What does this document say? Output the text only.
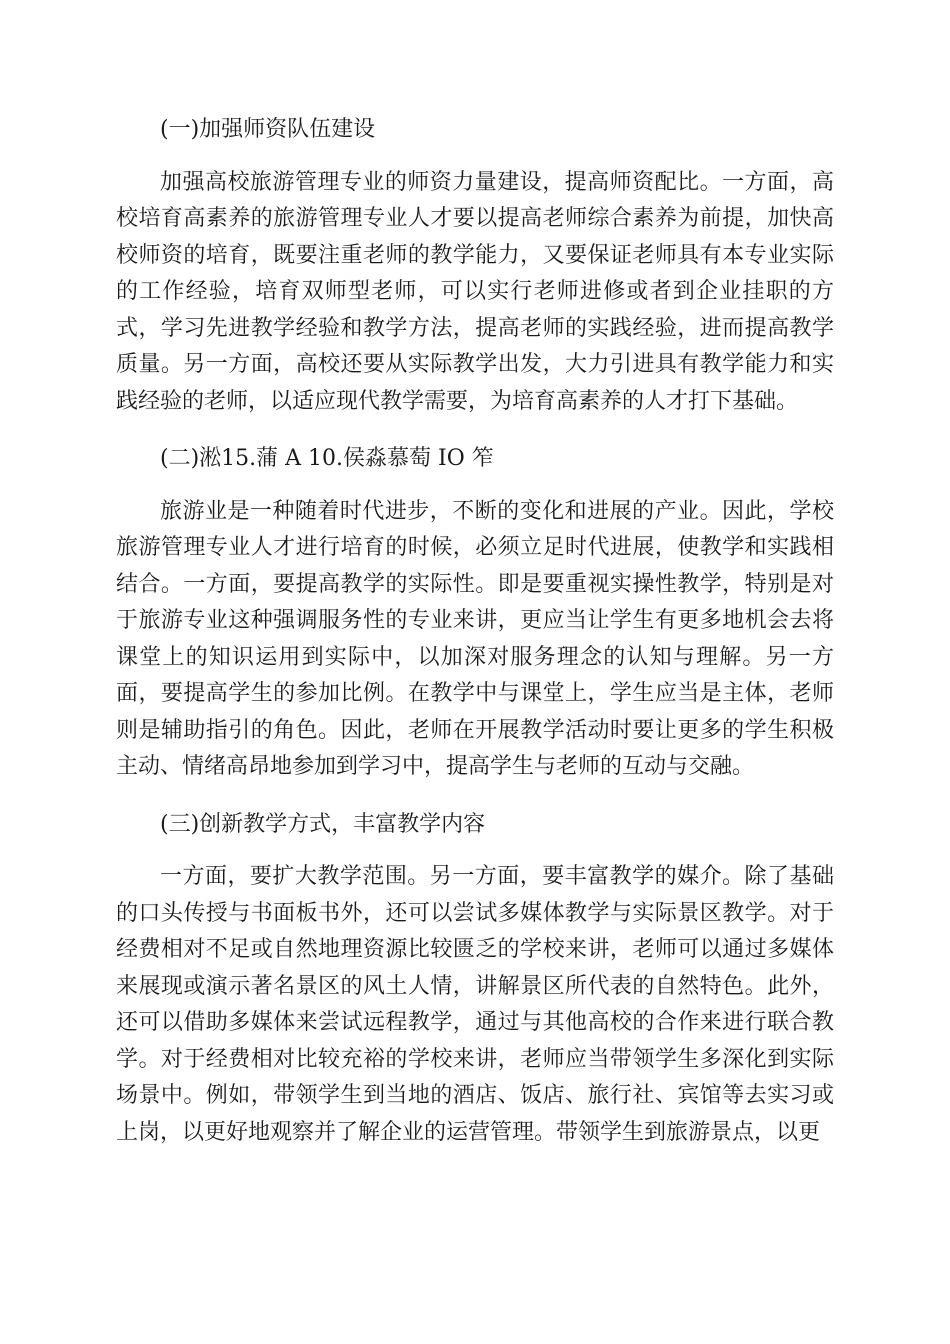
(一)加强师资队伍建设

加强高校旅游管理专业的师资力量建设，提高师资配比。一方面，高校培育高素养的旅游管理专业人才要以提高老师综合素养为前提，加快高校师资的培育，既要注重老师的教学能力，又要保证老师具有本专业实际的工作经验，培育双师型老师，可以实行老师进修或者到企业挂职的方式，学习先进教学经验和教学方法，提高老师的实践经验，进而提高教学质量。另一方面，高校还要从实际教学出发，大力引进具有教学能力和实践经验的老师，以适应现代教学需要，为培育高素养的人才打下基础。

(二)淞15.蒲 A 10.侯淼慕萄 IO 笮

旅游业是一种随着时代进步，不断的变化和进展的产业。因此，学校旅游管理专业人才进行培育的时候，必须立足时代进展，使教学和实践相结合。一方面，要提高教学的实际性。即是要重视实操性教学，特别是对于旅游专业这种强调服务性的专业来讲，更应当让学生有更多地机会去将课堂上的知识运用到实际中，以加深对服务理念的认知与理解。另一方面，要提高学生的参加比例。在教学中与课堂上，学生应当是主体，老师则是辅助指引的角色。因此，老师在开展教学活动时要让更多的学生积极主动、情绪高昂地参加到学习中，提高学生与老师的互动与交融。

(三)创新教学方式，丰富教学内容

一方面，要扩大教学范围。另一方面，要丰富教学的媒介。除了基础的口头传授与书面板书外，还可以尝试多媒体教学与实际景区教学。对于经费相对不足或自然地理资源比较匮乏的学校来讲，老师可以通过多媒体来展现或演示著名景区的风土人情，讲解景区所代表的自然特色。此外，还可以借助多媒体来尝试远程教学，通过与其他高校的合作来进行联合教学。对于经费相对比较充裕的学校来讲，老师应当带领学生多深化到实际场景中。例如，带领学生到当地的酒店、饭店、旅行社、宾馆等去实习或上岗，以更好地观察并了解企业的运营管理。带领学生到旅游景点，以更
